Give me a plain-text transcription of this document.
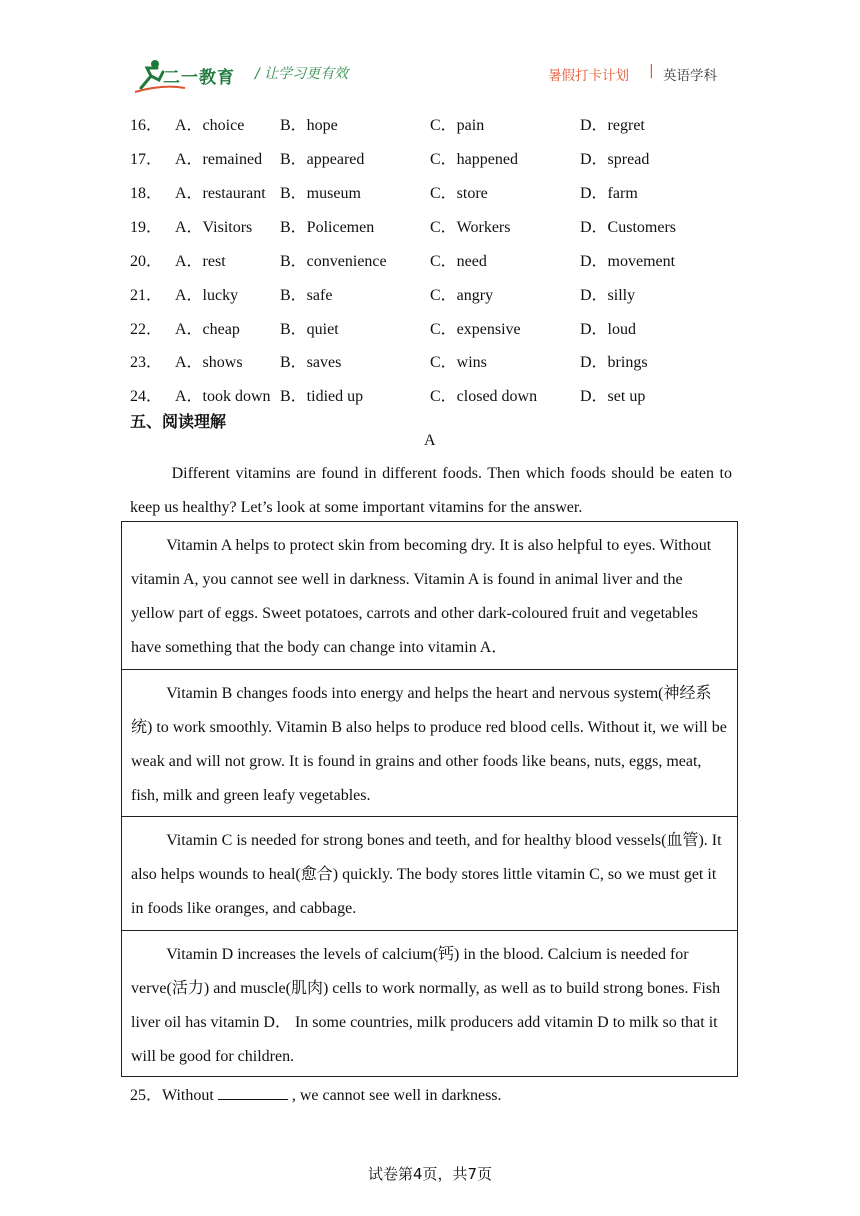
二一教育 / 让学习更有效	暑假打卡计划 | 英语学科
16． A．choice B．hope	C．pain	D．regret
17． A．remained B．appeared	C．happened	D．spread
18． A．restaurant B．museum	C．store	D．farm
19． A．Visitors B．Policemen	C．Workers	D．Customers
20． A．rest	B．convenience	C．need	D．movement
21． A．lucky	B．safe	C．angry	D．silly
22． A．cheap	B．quiet	C．expensive	D．loud
23． A．shows B．saves	C．wins	D．brings
24． A．took down B．tidied up	C．closed down	D．set up
五、阅读理解
A

Different vitamins are found in different foods. Then which foods should be eaten to keep us healthy? Let’s look at some important vitamins for the answer.

Vitamin A helps to protect skin from becoming dry. It is also helpful to eyes. Without vitamin A, you cannot see well in darkness. Vitamin A is found in animal liver and the yellow part of eggs. Sweet potatoes, carrots and other dark-coloured fruit and vegetables have something that the body can change into vitamin A．

Vitamin B changes foods into energy and helps the heart and nervous system(神经系统) to work smoothly. Vitamin B also helps to produce red blood cells. Without it, we will be weak and will not grow. It is found in grains and other foods like beans, nuts, eggs, meat, fish, milk and green leafy vegetables.

Vitamin C is needed for strong bones and teeth, and for healthy blood vessels(血管). It also helps wounds to heal(愈合) quickly. The body stores little vitamin C, so we must get it in foods like oranges, and cabbage.

Vitamin D increases the levels of calcium(钙) in the blood. Calcium is needed for verve(活力) and muscle(肌肉) cells to work normally, as well as to build strong bones. Fish liver oil has vitamin D． In some countries, milk producers add vitamin D to milk so that it will be good for children.

25．Without	, we cannot see well in darkness.
试卷第4页，共7页
